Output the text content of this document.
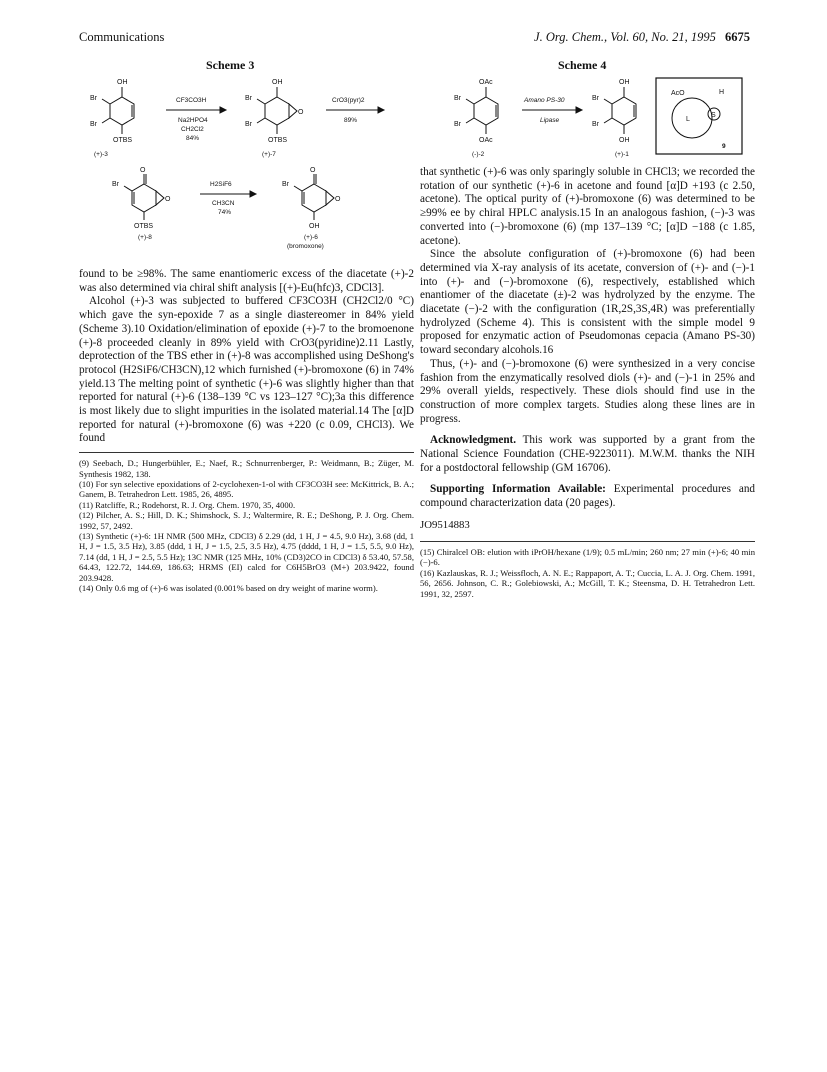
Communications	J. Org. Chem., Vol. 60, No. 21, 1995 6675
Scheme 3
OH
Br
Br
OTBS
(+)-3
CF3CO3H
Na2HPO4
CH2Cl2
84%
OH
Br
Br
O
OTBS
(+)-7
CrO3(pyr)2
89%
O
Br
O
OTBS
(+)-8
H2SiF6
CH3CN
74%
O
Br
O
OH
(+)-6
(bromoxone)
Scheme 4
OAc
Br
Br
OAc
(-)-2
Amano PS-30
Lipase
OH
Br
Br
OH
(+)-1
AcO	H
L
S
9

found to be ≥98%. The same enantiomeric excess of the diacetate (+)-2 was also determined via chiral shift analysis [(+)-Eu(hfc)3, CDCl3].

Alcohol (+)-3 was subjected to buffered CF3CO3H (CH2Cl2/0 °C) which gave the syn-epoxide 7 as a single diastereomer in 84% yield (Scheme 3).10 Oxidation/elimination of epoxide (+)-7 to the bromoenone (+)-8 proceeded cleanly in 89% yield with CrO3(pyridine)2.11 Lastly, deprotection of the TBS ether in (+)-8 was accomplished using DeShong's protocol (H2SiF6/CH3CN),12 which furnished (+)-bromoxone (6) in 74% yield.13 The melting point of synthetic (+)-6 was slightly higher than that reported for natural (+)-6 (138–139 °C vs 123–127 °C);3a this difference is most likely due to slight impurities in the isolated material.14 The [α]D reported for natural (+)-bromoxone (6) was +220 (c 0.09, CHCl3). We found

(9) Seebach, D.; Hungerbühler, E.; Naef, R.; Schnurrenberger, P.: Weidmann, B.; Züger, M. Synthesis 1982, 138.

(10) For syn selective epoxidations of 2-cyclohexen-1-ol with CF3CO3H see: McKittrick, B. A.; Ganem, B. Tetrahedron Lett. 1985, 26, 4895.

(11) Ratcliffe, R.; Rodehorst, R. J. Org. Chem. 1970, 35, 4000.

(12) Pilcher, A. S.; Hill, D. K.; Shimshock, S. J.; Waltermire, R. E.; DeShong, P. J. Org. Chem. 1992, 57, 2492.

(13) Synthetic (+)-6: 1H NMR (500 MHz, CDCl3) δ 2.29 (dd, 1 H, J = 4.5, 9.0 Hz), 3.68 (dd, 1 H, J = 1.5, 3.5 Hz), 3.85 (ddd, 1 H, J = 1.5, 2.5, 3.5 Hz), 4.75 (dddd, 1 H, J = 1.5, 5.5, 9.0 Hz), 7.14 (dd, 1 H, J = 2.5, 5.5 Hz); 13C NMR (125 MHz, 10% (CD3)2CO in CDCl3) δ 53.40, 57.58, 64.43, 122.72, 144.69, 186.63; HRMS (EI) calcd for C6H5BrO3 (M+) 203.9422, found 203.9428.

(14) Only 0.6 mg of (+)-6 was isolated (0.001% based on dry weight of marine worm).

that synthetic (+)-6 was only sparingly soluble in CHCl3; we recorded the rotation of our synthetic (+)-6 in acetone and found [α]D +193 (c 2.50, acetone). The optical purity of (+)-bromoxone (6) was determined to be ≥99% ee by chiral HPLC analysis.15 In an analogous fashion, (−)-3 was converted into (−)-bromoxone (6) (mp 137–139 °C; [α]D −188 (c 1.85, acetone).

Since the absolute configuration of (+)-bromoxone (6) had been determined via X-ray analysis of its acetate, conversion of (+)- and (−)-1 into (+)- and (−)-bromoxone (6), respectively, established which enantiomer of the diacetate (±)-2 was hydrolyzed by the enzyme. The diacetate (−)-2 with the configuration (1R,2S,3S,4R) was preferentially hydrolyzed (Scheme 4). This is consistent with the simple model 9 proposed for enzymatic action of Pseudomonas cepacia (Amano PS-30) toward secondary alcohols.16

Thus, (+)- and (−)-bromoxone (6) were synthesized in a very concise fashion from the enzymatically resolved diols (+)- and (−)-1 in 25% and 29% overall yields, respectively. These diols should find use in the construction of more complex targets. Studies along these lines are in progress.

Acknowledgment. This work was supported by a grant from the National Science Foundation (CHE-9223011). M.W.M. thanks the NIH for a postdoctoral fellowship (GM 16706).

Supporting Information Available: Experimental procedures and compound characterization data (20 pages).

JO9514883

(15) Chiralcel OB: elution with iPrOH/hexane (1/9); 0.5 mL/min; 260 nm; 27 min (+)-6; 40 min (−)-6.

(16) Kazlauskas, R. J.; Weissfloch, A. N. E.; Rappaport, A. T.; Cuccia, L. A. J. Org. Chem. 1991, 56, 2656. Johnson, C. R.; Golebiowski, A.; McGill, T. K.; Steensma, D. H. Tetrahedron Lett. 1991, 32, 2597.
